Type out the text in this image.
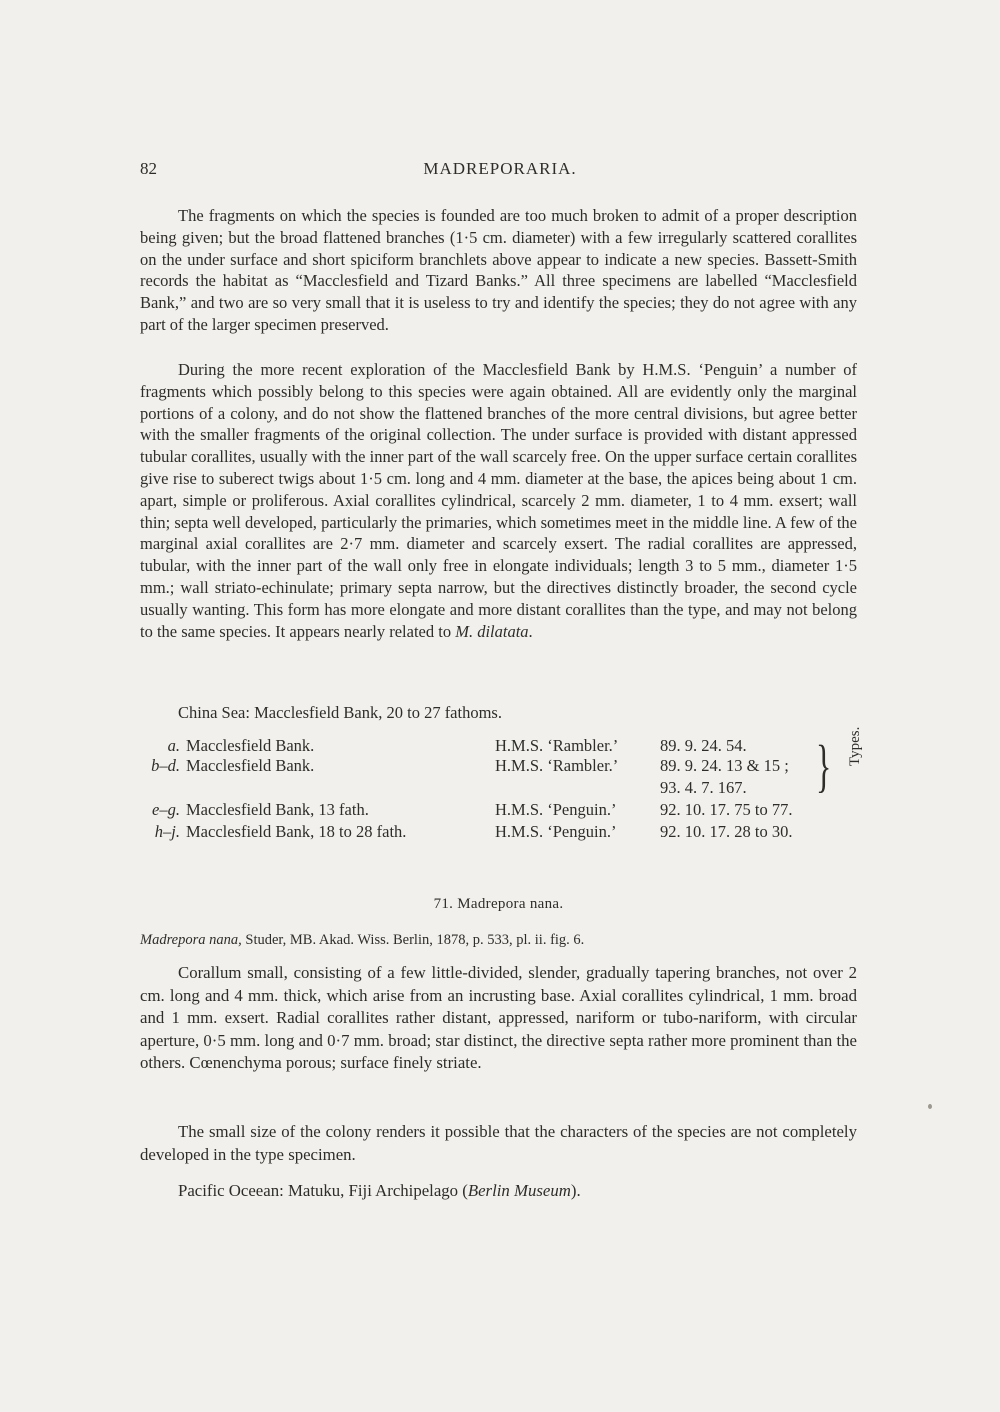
82	MADREPORARIA.

The fragments on which the species is founded are too much broken to admit of a proper description being given; but the broad flattened branches (1·5 cm. diameter) with a few irregularly scattered corallites on the under surface and short spiciform branchlets above appear to indicate a new species. Bassett-Smith records the habitat as “Macclesfield and Tizard Banks.” All three specimens are labelled “Macclesfield Bank,” and two are so very small that it is useless to try and identify the species; they do not agree with any part of the larger specimen preserved.

During the more recent exploration of the Macclesfield Bank by H.M.S. ‘Penguin’ a number of fragments which possibly belong to this species were again obtained. All are evidently only the marginal portions of a colony, and do not show the flattened branches of the more central divisions, but agree better with the smaller fragments of the original collection. The under surface is provided with distant appressed tubular corallites, usually with the inner part of the wall scarcely free. On the upper surface certain corallites give rise to suberect twigs about 1·5 cm. long and 4 mm. diameter at the base, the apices being about 1 cm. apart, simple or proliferous. Axial corallites cylindrical, scarcely 2 mm. diameter, 1 to 4 mm. exsert; wall thin; septa well developed, particularly the primaries, which sometimes meet in the middle line. A few of the marginal axial corallites are 2·7 mm. diameter and scarcely exsert. The radial corallites are appressed, tubular, with the inner part of the wall only free in elongate individuals; length 3 to 5 mm., diameter 1·5 mm.; wall striato-echinulate; primary septa narrow, but the directives distinctly broader, the second cycle usually wanting. This form has more elongate and more distant corallites than the type, and may not belong to the same species. It appears nearly related to M. dilatata.

China Sea: Macclesfield Bank, 20 to 27 fathoms.

a. Macclesfield Bank.	H.M.S. ‘Rambler.’	89. 9. 24. 54.
b–d. Macclesfield Bank.	H.M.S. ‘Rambler.’	89. 9. 24. 13 & 15 ;
93. 4. 7. 167.
e–g. Macclesfield Bank, 13 fath.	H.M.S. ‘Penguin.’	92. 10. 17. 75 to 77.
h–j. Macclesfield Bank, 18 to 28 fath.	H.M.S. ‘Penguin.’	92. 10. 17. 28 to 30.
}	Types.
71. Madrepora nana.
Madrepora nana, Studer, MB. Akad. Wiss. Berlin, 1878, p. 533, pl. ii. fig. 6.

Corallum small, consisting of a few little-divided, slender, gradually tapering branches, not over 2 cm. long and 4 mm. thick, which arise from an incrusting base. Axial corallites cylindrical, 1 mm. broad and 1 mm. exsert. Radial corallites rather distant, appressed, nariform or tubo-nariform, with circular aperture, 0·5 mm. long and 0·7 mm. broad; star distinct, the directive septa rather more prominent than the others. Cœnenchyma porous; surface finely striate.

The small size of the colony renders it possible that the characters of the species are not completely developed in the type specimen.

Pacific Oceean: Matuku, Fiji Archipelago (Berlin Museum).
